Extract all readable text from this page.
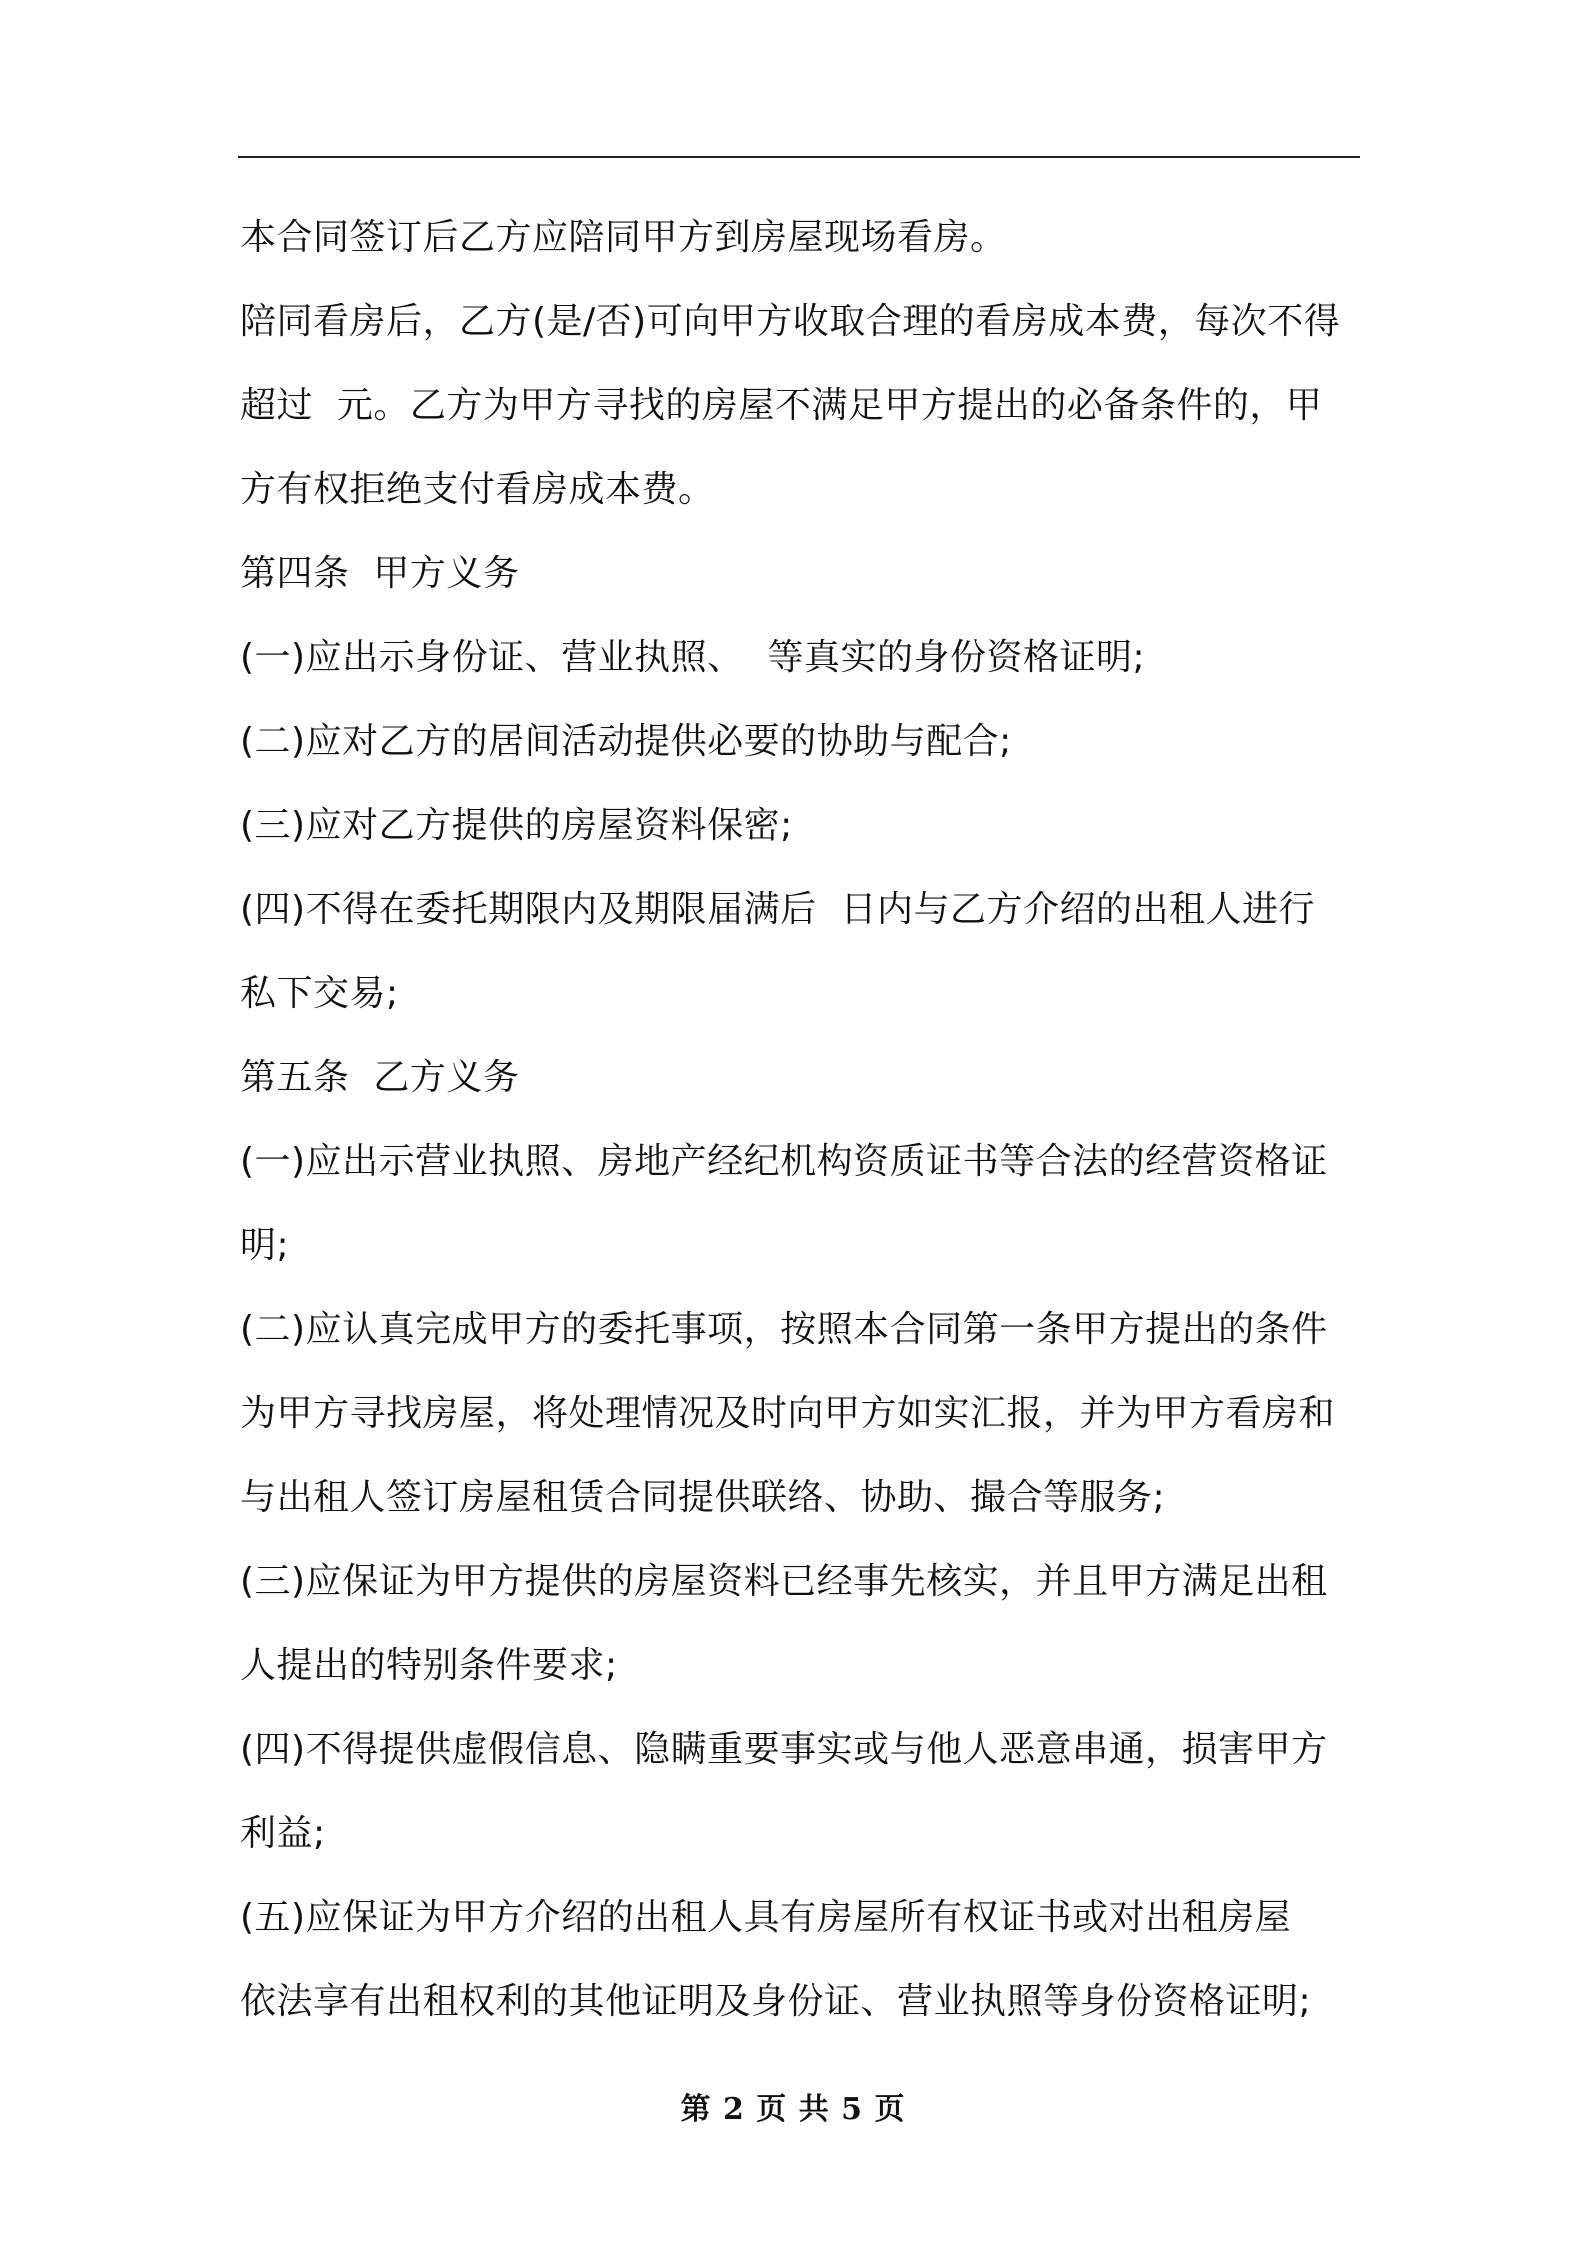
本合同签订后乙方应陪同甲方到房屋现场看房。
陪同看房后，乙方(是/否)可向甲方收取合理的看房成本费，每次不得
超过  元。乙方为甲方寻找的房屋不满足甲方提出的必备条件的，甲
方有权拒绝支付看房成本费。
第四条  甲方义务
(一)应出示身份证、营业执照、  等真实的身份资格证明;
(二)应对乙方的居间活动提供必要的协助与配合;
(三)应对乙方提供的房屋资料保密;
(四)不得在委托期限内及期限届满后  日内与乙方介绍的出租人进行
私下交易;
第五条  乙方义务
(一)应出示营业执照、房地产经纪机构资质证书等合法的经营资格证
明;
(二)应认真完成甲方的委托事项，按照本合同第一条甲方提出的条件
为甲方寻找房屋，将处理情况及时向甲方如实汇报，并为甲方看房和
与出租人签订房屋租赁合同提供联络、协助、撮合等服务;
(三)应保证为甲方提供的房屋资料已经事先核实，并且甲方满足出租
人提出的特别条件要求;
(四)不得提供虚假信息、隐瞒重要事实或与他人恶意串通，损害甲方
利益;
(五)应保证为甲方介绍的出租人具有房屋所有权证书或对出租房屋
依法享有出租权利的其他证明及身份证、营业执照等身份资格证明;
第 2 页 共 5 页
